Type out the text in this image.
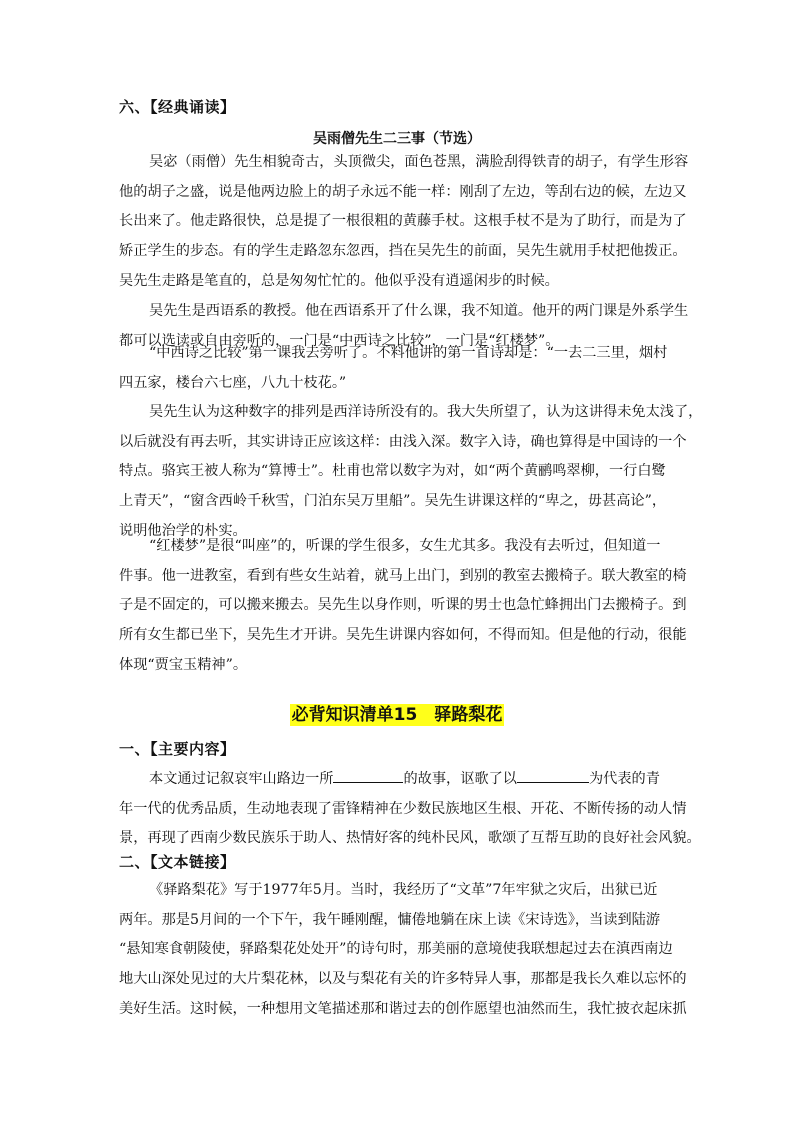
六、【经典诵读】
吴雨僧先生二三事（节选）
吴宓（雨僧）先生相貌奇古，头顶微尖，面色苍黑，满脸刮得铁青的胡子，有学生形容
他的胡子之盛，说是他两边脸上的胡子永远不能一样：刚刮了左边，等刮右边的候，左边又
长出来了。他走路很快，总是提了一根很粗的黄藤手杖。这根手杖不是为了助行，而是为了
矫正学生的步态。有的学生走路忽东忽西，挡在吴先生的前面，吴先生就用手杖把他拨正。
吴先生走路是笔直的，总是匆匆忙忙的。他似乎没有逍遥闲步的时候。
吴先生是西语系的教授。他在西语系开了什么课，我不知道。他开的两门课是外系学生
都可以选读或自由旁听的，一门是“中西诗之比较”，一门是“红楼梦”。
“中西诗之比较”第一课我去旁听了。不料他讲的第一首诗却是：“一去二三里，烟村
四五家，楼台六七座，八九十枝花。”
吴先生认为这种数字的排列是西洋诗所没有的。我大失所望了，认为这讲得未免太浅了，
以后就没有再去听，其实讲诗正应该这样：由浅入深。数字入诗，确也算得是中国诗的一个
特点。骆宾王被人称为“算博士”。杜甫也常以数字为对，如“两个黄鹂鸣翠柳，一行白鹭
上青天”，“窗含西岭千秋雪，门泊东吴万里船”。吴先生讲课这样的“卑之，毋甚高论”，
说明他治学的朴实。
“红楼梦”是很“叫座”的，听课的学生很多，女生尤其多。我没有去听过，但知道一
件事。他一进教室，看到有些女生站着，就马上出门，到别的教室去搬椅子。联大教室的椅
子是不固定的，可以搬来搬去。吴先生以身作则，听课的男士也急忙蜂拥出门去搬椅子。到
所有女生都已坐下，吴先生才开讲。吴先生讲课内容如何，不得而知。但是他的行动，很能
体现“贾宝玉精神”。
必背知识清单15　驿路梨花
一、【主要内容】
本文通过记叙哀牢山路边一所	的故事，讴歌了以	为代表的青
年一代的优秀品质，生动地表现了雷锋精神在少数民族地区生根、开花、不断传扬的动人情
景，再现了西南少数民族乐于助人、热情好客的纯朴民风，歌颂了互帮互助的良好社会风貌。
二、【文本链接】
《驿路梨花》写于1977年5月。当时，我经历了“文革”7年牢狱之灾后，出狱已近
两年。那是5月间的一个下午，我午睡刚醒，慵倦地躺在床上读《宋诗选》，当读到陆游
“悬知寒食朝陵使，驿路梨花处处开”的诗句时，那美丽的意境使我联想起过去在滇西南边
地大山深处见过的大片梨花林，以及与梨花有关的许多特异人事，那都是我长久难以忘怀的
美好生活。这时候，一种想用文笔描述那和谐过去的创作愿望也油然而生，我忙披衣起床抓
